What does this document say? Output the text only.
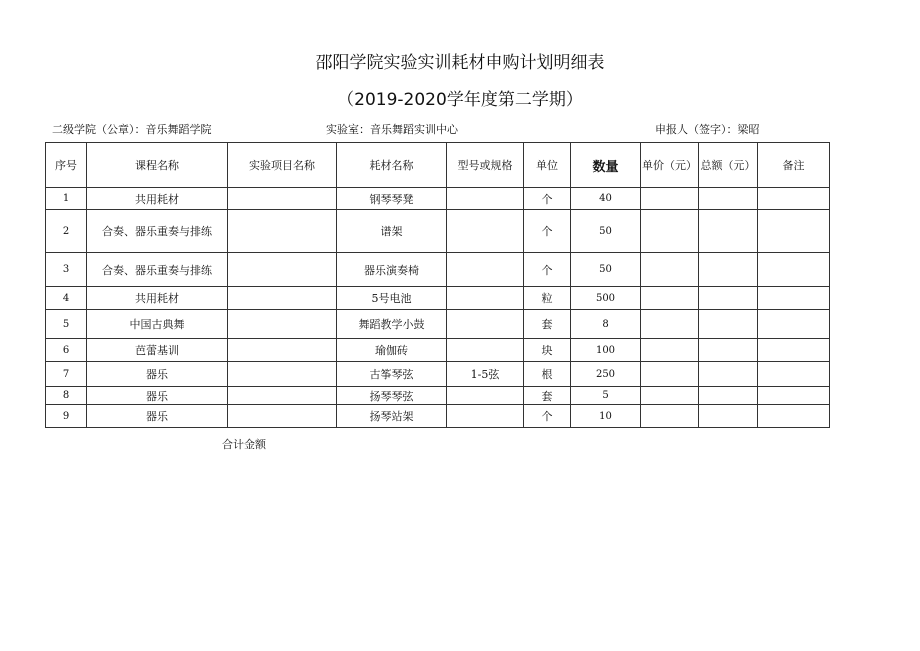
邵阳学院实验实训耗材申购计划明细表
（2019-2020学年度第二学期）
二级学院（公章）：音乐舞蹈学院	实验室：音乐舞蹈实训中心	申报人（签字）：梁昭
序号	课程名称	实验项目名称	耗材名称	型号或规格	单位	数量	单价（元）	总额（元）	备注
1	共用耗材		钢琴琴凳		个	40			
2	合奏、器乐重奏与排练		谱架		个	50			
3	合奏、器乐重奏与排练		器乐演奏椅		个	50			
4	共用耗材		5号电池		粒	500			
5	中国古典舞		舞蹈教学小鼓		套	8			
6	芭蕾基训		瑜伽砖		块	100			
7	器乐		古筝琴弦	1-5弦	根	250			
8	器乐		扬琴琴弦		套	5			
9	器乐		扬琴站架		个	10			
合计金额
